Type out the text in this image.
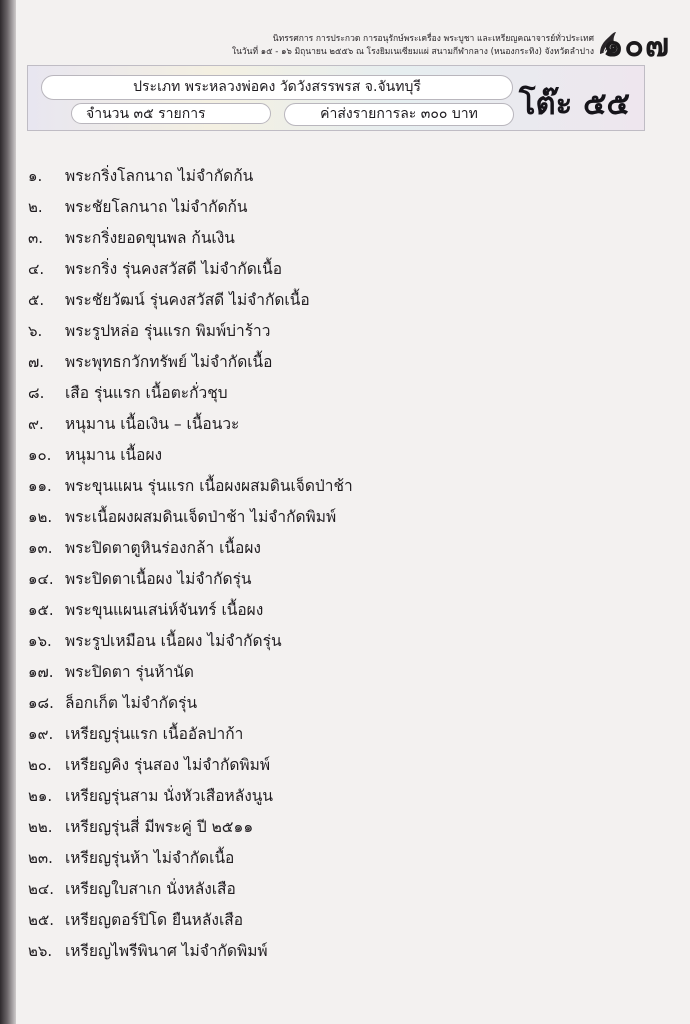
นิทรรศการ การประกวด การอนุรักษ์พระเครื่อง พระบูชา และเหรียญคณาจารย์ทั่วประเทศ
ในวันที่ ๑๕ - ๑๖ มิถุนายน ๒๕๕๖ ณ โรงยิมเนเซียมแผ่ สนามกีฬากลาง (หนองกระทิง) จังหวัดลำปาง ๑๐๗
ประเภท พระหลวงพ่อคง วัดวังสรรพรส จ.จันทบุรี
จำนวน ๓๕ รายการ	ค่าส่งรายการละ ๓๐๐ บาท	โต๊ะ ๕๕
๑. พระกริ่งโลกนาถ ไม่จำกัดก้น
๒. พระชัยโลกนาถ ไม่จำกัดก้น
๓. พระกริ่งยอดขุนพล ก้นเงิน
๔. พระกริ่ง รุ่นคงสวัสดี ไม่จำกัดเนื้อ
๕. พระชัยวัฒน์ รุ่นคงสวัสดี ไม่จำกัดเนื้อ
๖. พระรูปหล่อ รุ่นแรก พิมพ์บ่าร้าว
๗. พระพุทธกวักทรัพย์ ไม่จำกัดเนื้อ
๘. เสือ รุ่นแรก เนื้อตะกั่วชุบ
๙. หนุมาน เนื้อเงิน – เนื้อนวะ
๑๐. หนุมาน เนื้อผง
๑๑. พระขุนแผน รุ่นแรก เนื้อผงผสมดินเจ็ดป่าช้า
๑๒. พระเนื้อผงผสมดินเจ็ดป่าช้า ไม่จำกัดพิมพ์
๑๓. พระปิดตาตูหินร่องกล้า เนื้อผง
๑๔. พระปิดตาเนื้อผง ไม่จำกัดรุ่น
๑๕. พระขุนแผนเสน่ห์จันทร์ เนื้อผง
๑๖. พระรูปเหมือน เนื้อผง ไม่จำกัดรุ่น
๑๗. พระปิดตา รุ่นห้านัด
๑๘. ล็อกเก็ต ไม่จำกัดรุ่น
๑๙. เหรียญรุ่นแรก เนื้ออัลปาก้า
๒๐. เหรียญคิง รุ่นสอง ไม่จำกัดพิมพ์
๒๑. เหรียญรุ่นสาม นั่งหัวเสือหลังนูน
๒๒. เหรียญรุ่นสี่ มีพระคู่ ปี ๒๕๑๑
๒๓. เหรียญรุ่นห้า ไม่จำกัดเนื้อ
๒๔. เหรียญใบสาเก นั่งหลังเสือ
๒๕. เหรียญตอร์ปิโด ยืนหลังเสือ
๒๖. เหรียญไพรีพินาศ ไม่จำกัดพิมพ์
